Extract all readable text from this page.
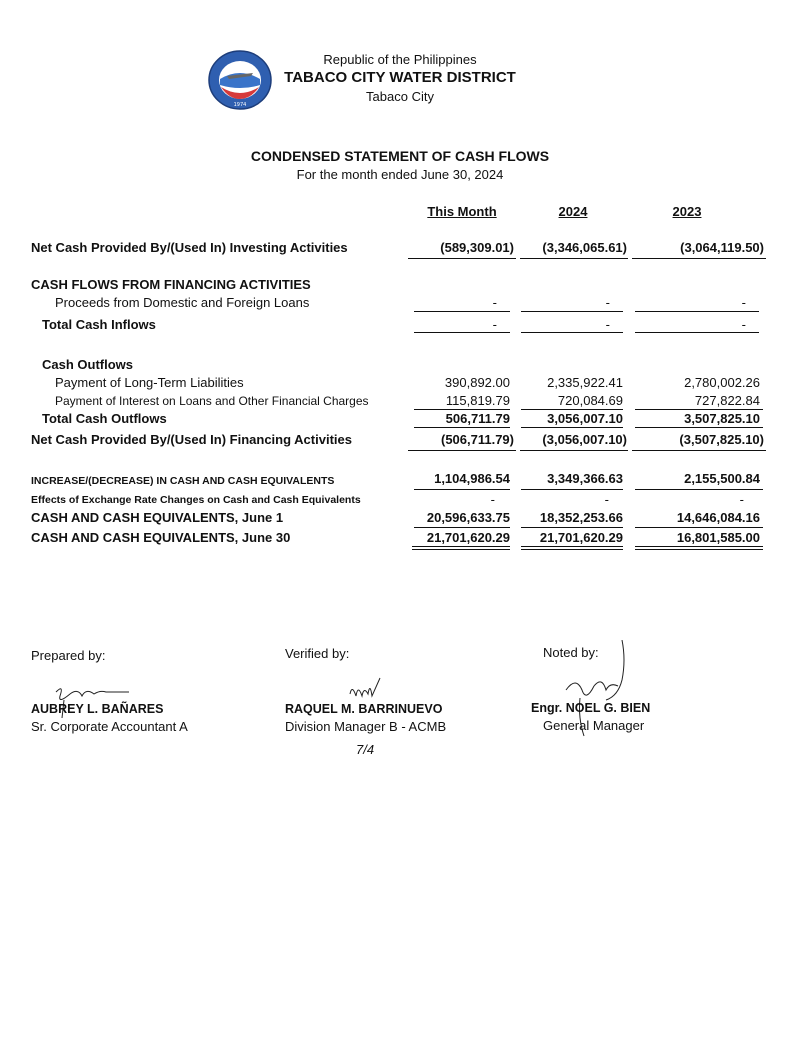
1974
Republic of the Philippines
TABACO CITY WATER DISTRICT
Tabaco City
CONDENSED STATEMENT OF CASH FLOWS
For the month ended June 30, 2024
This Month	2024	2023
Net Cash Provided By/(Used In) Investing Activities	(589,309.01)	(3,346,065.61)	(3,064,119.50)
CASH FLOWS FROM FINANCING ACTIVITIES
Proceeds from Domestic and Foreign Loans	-	-	-
Total Cash Inflows	-	-	-
Cash Outflows
Payment of Long-Term Liabilities	390,892.00	2,335,922.41	2,780,002.26
Payment of Interest on Loans and Other Financial Charges	115,819.79	720,084.69	727,822.84
Total Cash Outflows	506,711.79	3,056,007.10	3,507,825.10
Net Cash Provided By/(Used In) Financing Activities	(506,711.79)	(3,056,007.10)	(3,507,825.10)
INCREASE/(DECREASE) IN CASH AND CASH EQUIVALENTS	1,104,986.54	3,349,366.63	2,155,500.84
Effects of Exchange Rate Changes on Cash and Cash Equivalents	-	-	-
CASH AND CASH EQUIVALENTS, June 1	20,596,633.75	18,352,253.66	14,646,084.16
CASH AND CASH EQUIVALENTS, June 30	21,701,620.29	21,701,620.29	16,801,585.00
Prepared by:	Verified by:	Noted by:
AUBREY L. BAÑARES
Sr. Corporate Accountant A
RAQUEL M. BARRINUEVO
Division Manager B - ACMB
7/4
Engr. NOEL G. BIEN
General Manager
